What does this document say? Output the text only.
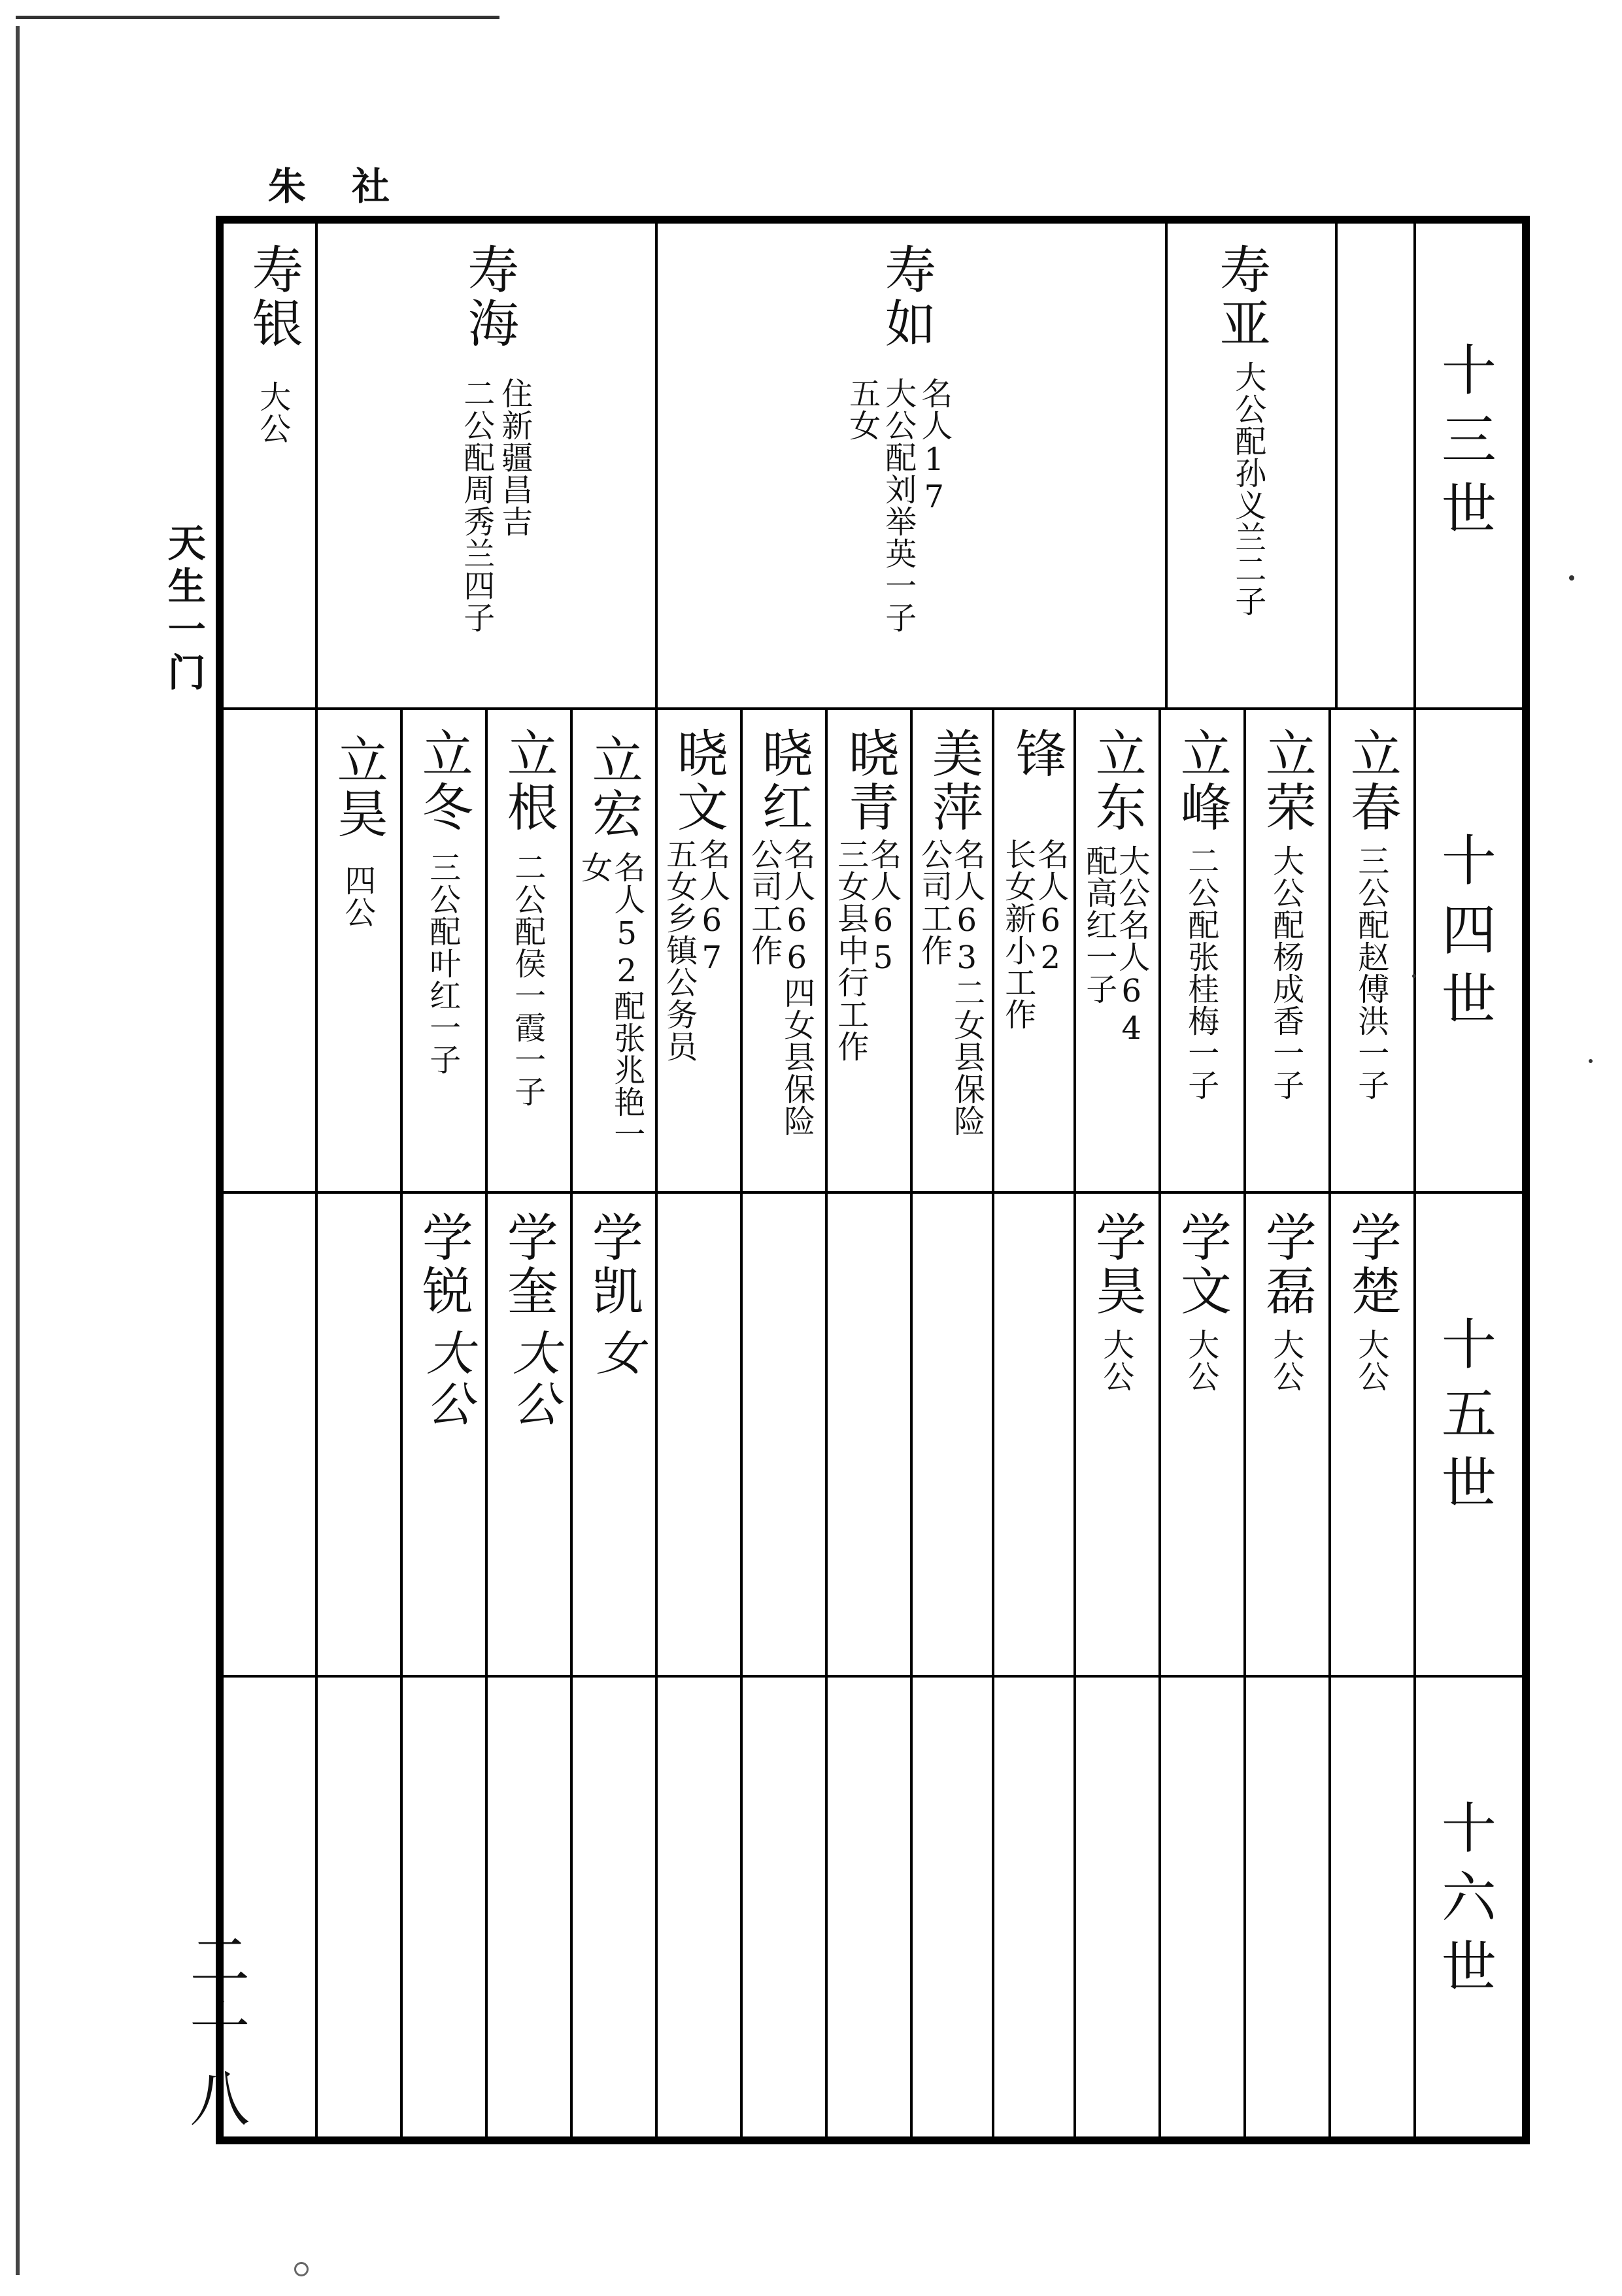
朱社
天生一门
二十八
十三世
十四世
十五世
十六世
寿亚
大公配孙义兰二子
寿如
名人17
大公配刘举英一子
五女
寿海
住新疆昌吉
二公配周秀兰四子
寿银
大公
立春
三公配赵傅洪一子
立荣
大公配杨成香一子
立峰
二公配张桂梅一子
立东
大公名人64
配高红一子
锋
名人62
长女新小工作
美萍
名人63二女县保险
公司工作
晓青
名人65
三女县中行工作
晓红
名人66四女县保险
公司工作
晓文
名人67
五女乡镇公务员
立宏
名人52配张兆艳一
女
立根
二公配侯一霞一子
立冬
三公配叶红一子
立昊
四公
学楚
大公
学磊
大公
学文
大公
学昊
大公
学凯
女
学奎
大公
学锐
大公
